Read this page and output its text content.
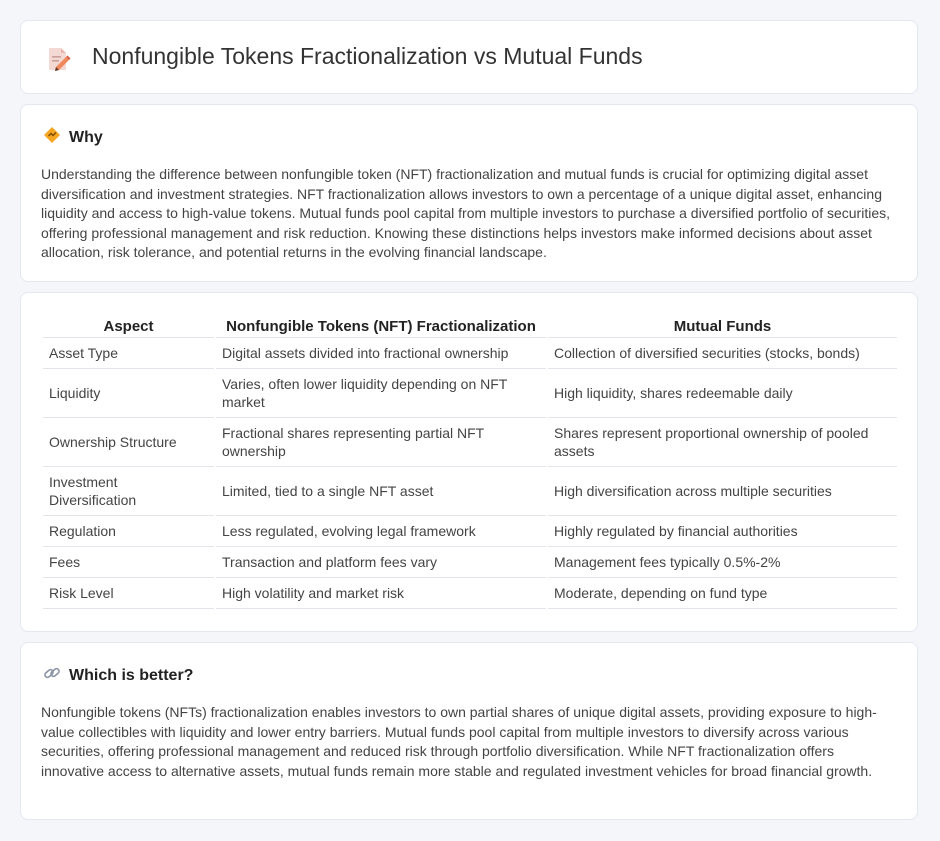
Nonfungible Tokens Fractionalization vs Mutual Funds
Why

Understanding the difference between nonfungible token (NFT) fractionalization and mutual funds is crucial for optimizing digital asset diversification and investment strategies. NFT fractionalization allows investors to own a percentage of a unique digital asset, enhancing liquidity and access to high-value tokens. Mutual funds pool capital from multiple investors to purchase a diversified portfolio of securities, offering professional management and risk reduction. Knowing these distinctions helps investors make informed decisions about asset allocation, risk tolerance, and potential returns in the evolving financial landscape.

Aspect	Nonfungible Tokens (NFT) Fractionalization	Mutual Funds
Asset Type	Digital assets divided into fractional ownership	Collection of diversified securities (stocks, bonds)
Liquidity	Varies, often lower liquidity depending on NFT market	High liquidity, shares redeemable daily
Ownership Structure	Fractional shares representing partial NFT ownership	Shares represent proportional ownership of pooled assets
Investment Diversification	Limited, tied to a single NFT asset	High diversification across multiple securities
Regulation	Less regulated, evolving legal framework	Highly regulated by financial authorities
Fees	Transaction and platform fees vary	Management fees typically 0.5%-2%
Risk Level	High volatility and market risk	Moderate, depending on fund type
Which is better?

Nonfungible tokens (NFTs) fractionalization enables investors to own partial shares of unique digital assets, providing exposure to high-value collectibles with liquidity and lower entry barriers. Mutual funds pool capital from multiple investors to diversify across various securities, offering professional management and reduced risk through portfolio diversification. While NFT fractionalization offers innovative access to alternative assets, mutual funds remain more stable and regulated investment vehicles for broad financial growth.
